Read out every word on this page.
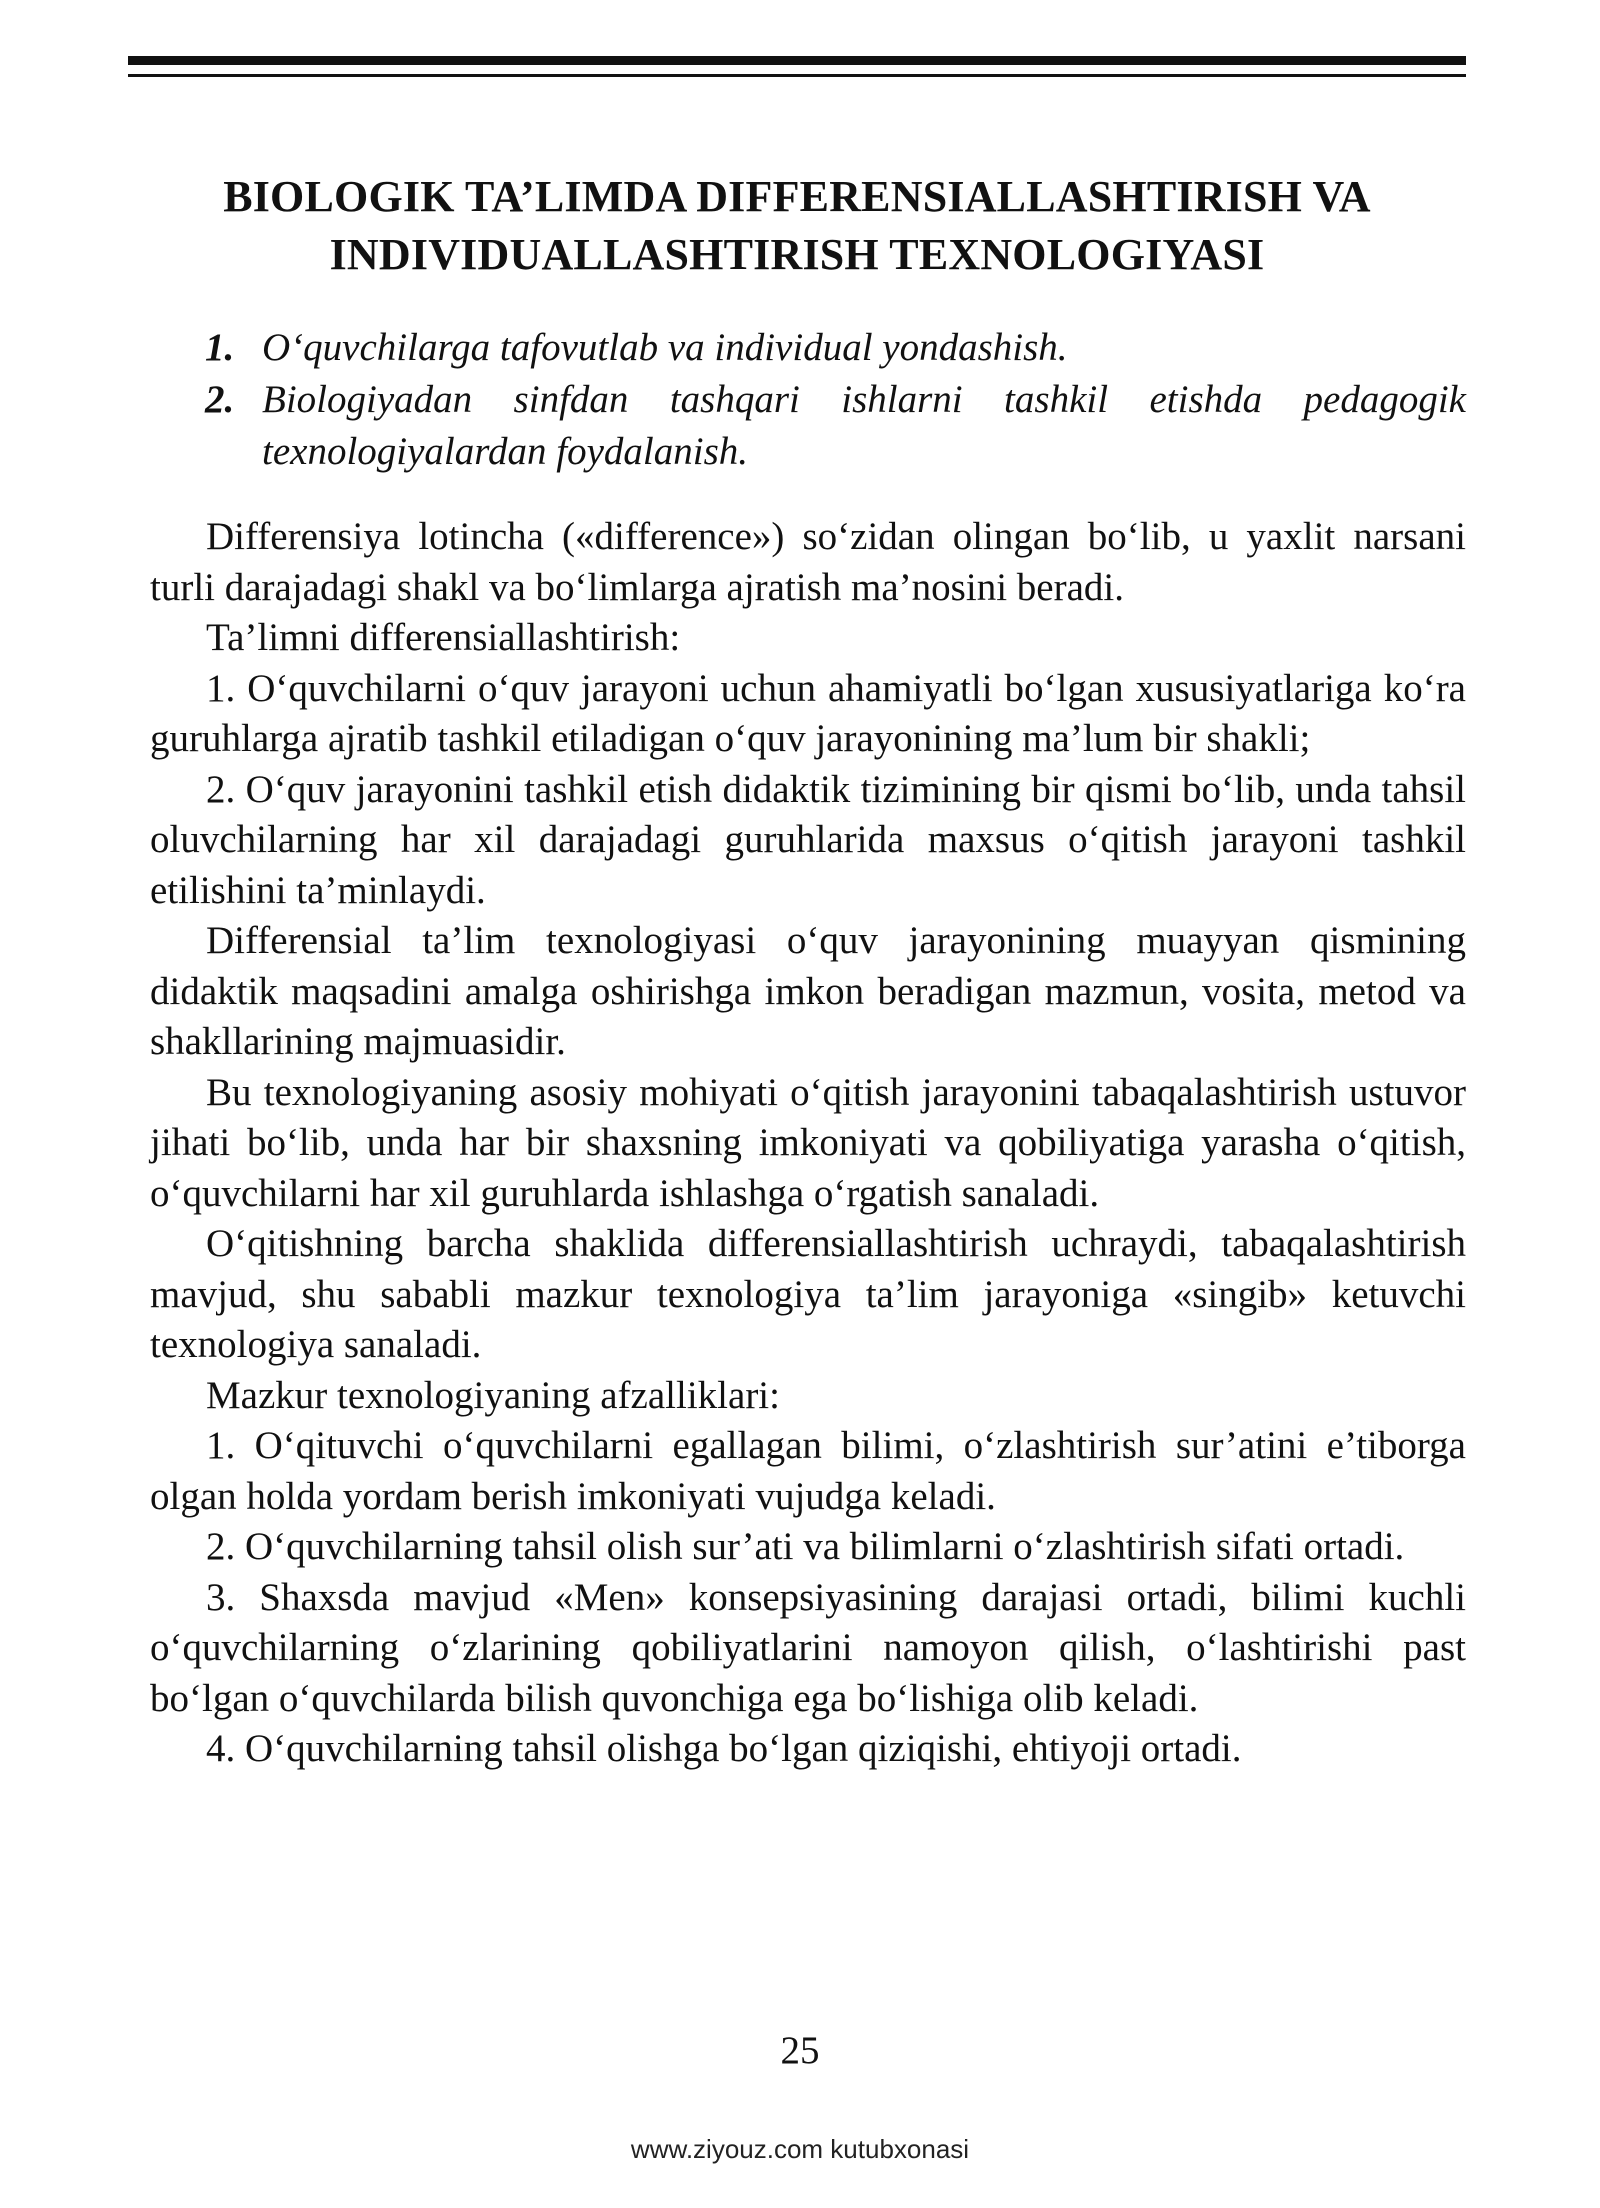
BIOLOGIK TA’LIMDA DIFFERENSIALLASHTIRISH VA
INDIVIDUALLASHTIRISH TEXNOLOGIYASI
1. O‘quvchilarga tafovutlab va individual yondashish.
2. Biologiyadan sinfdan tashqari ishlarni tashkil etishda pedagogik texnologiyalardan foydalanish.

Differensiya lotincha («difference») so‘zidan olingan bo‘lib, u yaxlit narsani turli darajadagi shakl va bo‘limlarga ajratish ma’nosini beradi.

Ta’limni differensiallashtirish:

1. O‘quvchilarni o‘quv jarayoni uchun ahamiyatli bo‘lgan xususiyatlariga ko‘ra guruhlarga ajratib tashkil etiladigan o‘quv jarayonining ma’lum bir shakli;

2. O‘quv jarayonini tashkil etish didaktik tizimining bir qismi bo‘lib, unda tahsil oluvchilarning har xil darajadagi guruhlarida maxsus o‘qitish jarayoni tashkil etilishini ta’minlaydi.

Differensial ta’lim texnologiyasi o‘quv jarayonining muayyan qismining didaktik maqsadini amalga oshirishga imkon beradigan mazmun, vosita, metod va shakllarining majmuasidir.

Bu texnologiyaning asosiy mohiyati o‘qitish jarayonini tabaqalashtirish ustuvor jihati bo‘lib, unda har bir shaxsning imkoniyati va qobiliyatiga yarasha o‘qitish, o‘quvchilarni har xil guruhlarda ishlashga o‘rgatish sanaladi.

O‘qitishning barcha shaklida differensiallashtirish uchraydi, tabaqalashtirish mavjud, shu sababli mazkur texnologiya ta’lim jarayoniga «singib» ketuvchi texnologiya sanaladi.

Mazkur texnologiyaning afzalliklari:

1. O‘qituvchi o‘quvchilarni egallagan bilimi, o‘zlashtirish sur’atini e’tiborga olgan holda yordam berish imkoniyati vujudga keladi.

2. O‘quvchilarning tahsil olish sur’ati va bilimlarni o‘zlashtirish sifati ortadi.

3. Shaxsda mavjud «Men» konsepsiyasining darajasi ortadi, bilimi kuchli o‘quvchilarning o‘zlarining qobiliyatlarini namoyon qilish, o‘lashtirishi past bo‘lgan o‘quvchilarda bilish quvonchiga ega bo‘lishiga olib keladi.

4. O‘quvchilarning tahsil olishga bo‘lgan qiziqishi, ehtiyoji ortadi.

25
www.ziyouz.com kutubxonasi
